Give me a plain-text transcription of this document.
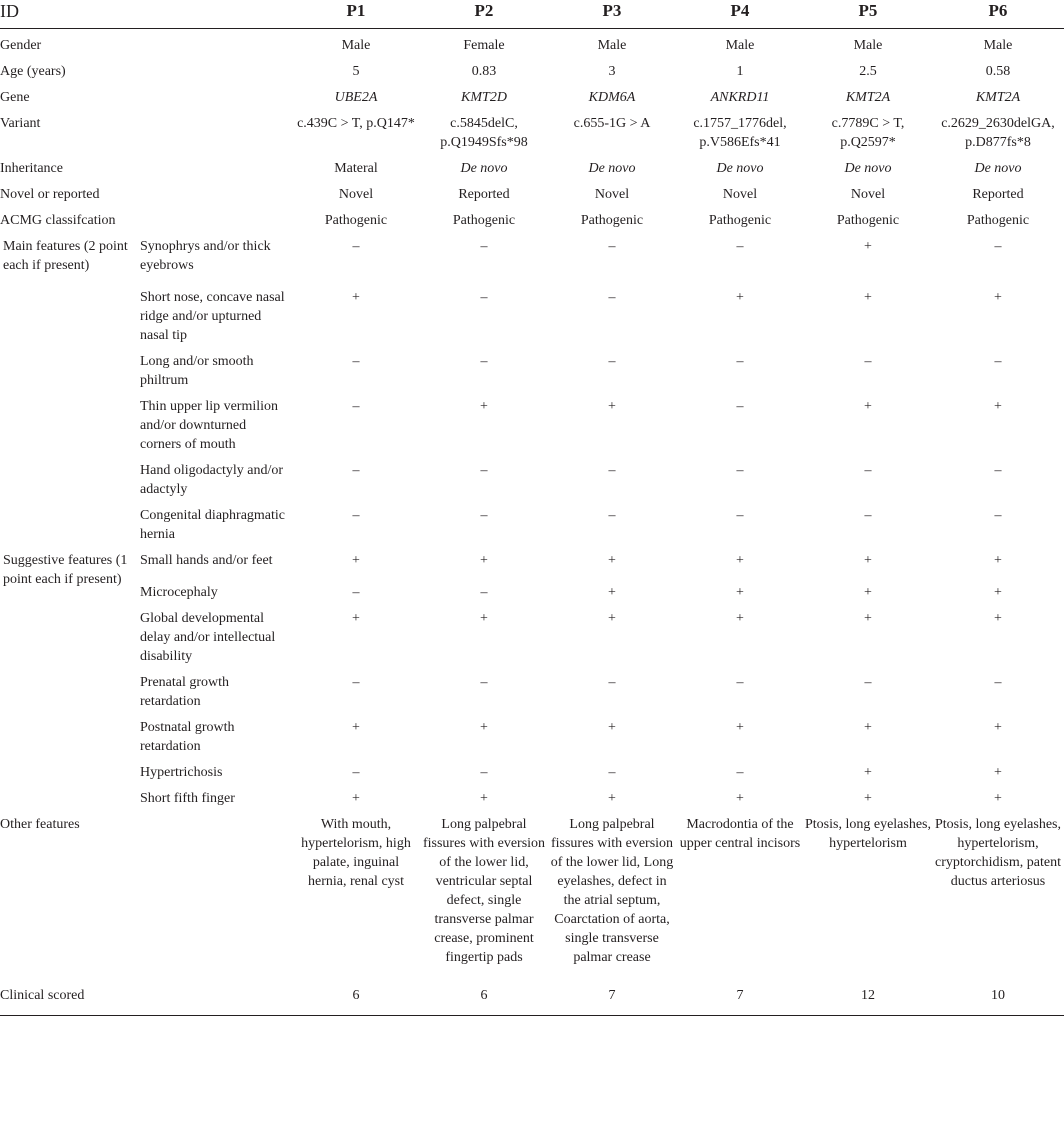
ID		P1	P2	P3	P4	P5	P6
Gender		Male	Female	Male	Male	Male	Male
Age (years)		5	0.83	3	1	2.5	0.58
Gene		UBE2A	KMT2D	KDM6A	ANKRD11	KMT2A	KMT2A
Variant		c.439C > T, p.Q147*	c.5845delC, p.Q1949Sfs*98	c.655-1G > A	c.1757_1776del, p.V586Efs*41	c.7789C > T, p.Q2597*	c.2629_2630delGA, p.D877fs*8
Inheritance		Materal	De novo	De novo	De novo	De novo	De novo
Novel or reported		Novel	Reported	Novel	Novel	Novel	Reported
ACMG classifcation		Pathogenic	Pathogenic	Pathogenic	Pathogenic	Pathogenic	Pathogenic
Main features (2 point each if present)	Synophrys and/or thick eyebrows	–	–	–	–	+	–
	Short nose, concave nasal ridge and/or upturned nasal tip	+	–	–	+	+	+
	Long and/or smooth philtrum	–	–	–	–	–	–
	Thin upper lip vermilion and/or downturned corners of mouth	–	+	+	–	+	+
	Hand oligodactyly and/or adactyly	–	–	–	–	–	–
	Congenital diaphragmatic hernia	–	–	–	–	–	–
Suggestive features (1 point each if present)	Small hands and/or feet	+	+	+	+	+	+
	Microcephaly	–	–	+	+	+	+
	Global developmental delay and/or intellectual disability	+	+	+	+	+	+
	Prenatal growth retardation	–	–	–	–	–	–
	Postnatal growth retardation	+	+	+	+	+	+
	Hypertrichosis	–	–	–	–	+	+
	Short fifth finger	+	+	+	+	+	+
Other features		With mouth, hypertelorism, high palate, inguinal hernia, renal cyst	Long palpebral fissures with eversion of the lower lid, ventricular septal defect, single transverse palmar crease, prominent fingertip pads	Long palpebral fissures with eversion of the lower lid, Long eyelashes, defect in the atrial septum, Coarctation of aorta, single transverse palmar crease	Macrodontia of the upper central incisors	Ptosis, long eyelashes, hypertelorism	Ptosis, long eyelashes, hypertelorism, cryptorchidism, patent ductus arteriosus
Clinical scored		6	6	7	7	12	10
